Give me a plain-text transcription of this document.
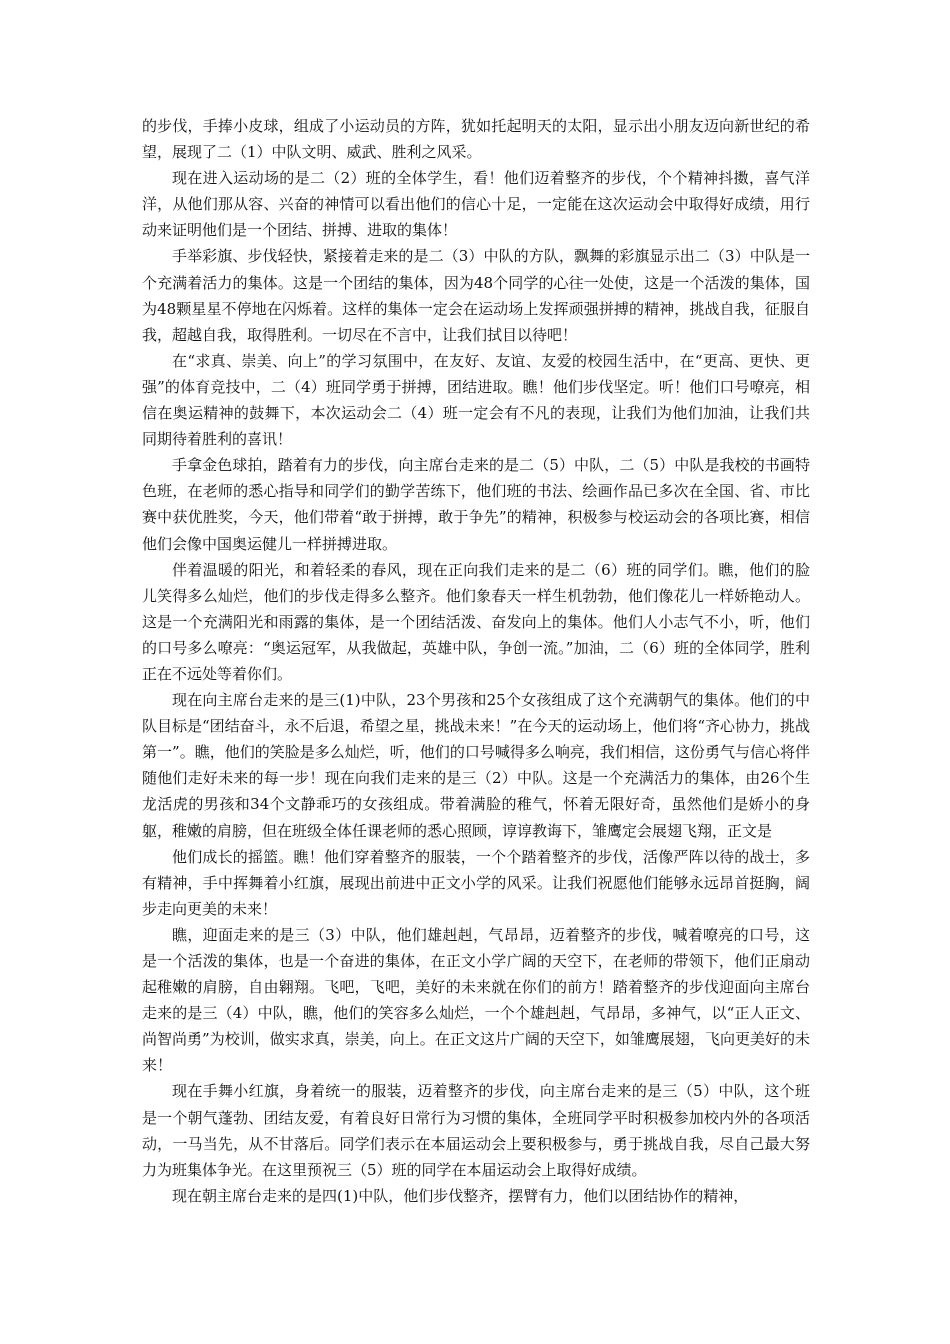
的步伐，手捧小皮球，组成了小运动员的方阵，犹如托起明天的太阳，显示出小朋友迈向新世纪的希望，展现了二（1）中队文明、威武、胜利之风采。

现在进入运动场的是二（2）班的全体学生，看！他们迈着整齐的步伐，个个精神抖擞，喜气洋洋，从他们那从容、兴奋的神情可以看出他们的信心十足，一定能在这次运动会中取得好成绩，用行动来证明他们是一个团结、拼搏、进取的集体！

手举彩旗、步伐轻快，紧接着走来的是二（3）中队的方队，飘舞的彩旗显示出二（3）中队是一个充满着活力的集体。这是一个团结的集体，因为48个同学的心往一处使，这是一个活泼的集体，国为48颗星星不停地在闪烁着。这样的集体一定会在运动场上发挥顽强拼搏的精神，挑战自我，征服自我，超越自我，取得胜利。一切尽在不言中，让我们拭目以待吧！

在“求真、崇美、向上”的学习氛围中，在友好、友谊、友爱的校园生活中，在“更高、更快、更强”的体育竞技中，二（4）班同学勇于拼搏，团结进取。瞧！他们步伐坚定。听！他们口号嘹亮，相信在奥运精神的鼓舞下，本次运动会二（4）班一定会有不凡的表现，让我们为他们加油，让我们共同期待着胜利的喜讯！

手拿金色球拍，踏着有力的步伐，向主席台走来的是二（5）中队，二（5）中队是我校的书画特色班，在老师的悉心指导和同学们的勤学苦练下，他们班的书法、绘画作品已多次在全国、省、市比赛中获优胜奖，今天，他们带着“敢于拼搏，敢于争先”的精神，积极参与校运动会的各项比赛，相信他们会像中国奥运健儿一样拼搏进取。

伴着温暖的阳光，和着轻柔的春风，现在正向我们走来的是二（6）班的同学们。瞧，他们的脸儿笑得多么灿烂，他们的步伐走得多么整齐。他们象春天一样生机勃勃，他们像花儿一样娇艳动人。这是一个充满阳光和雨露的集体，是一个团结活泼、奋发向上的集体。他们人小志气不小，听，他们的口号多么嘹亮：“奥运冠军，从我做起，英雄中队，争创一流。”加油，二（6）班的全体同学，胜利正在不远处等着你们。

现在向主席台走来的是三(1)中队，23个男孩和25个女孩组成了这个充满朝气的集体。他们的中队目标是“团结奋斗，永不后退，希望之星，挑战未来！”在今天的运动场上，他们将“齐心协力，挑战第一”。瞧，他们的笑脸是多么灿烂，听，他们的口号喊得多么响亮，我们相信，这份勇气与信心将伴随他们走好未来的每一步！现在向我们走来的是三（2）中队。这是一个充满活力的集体，由26个生龙活虎的男孩和34个文静乖巧的女孩组成。带着满脸的稚气，怀着无限好奇，虽然他们是娇小的身躯，稚嫩的肩膀，但在班级全体任课老师的悉心照顾，谆谆教诲下，雏鹰定会展翅飞翔，正文是

他们成长的摇篮。瞧！他们穿着整齐的服装，一个个踏着整齐的步伐，活像严阵以待的战士，多有精神，手中挥舞着小红旗，展现出前进中正文小学的风采。让我们祝愿他们能够永远昂首挺胸，阔步走向更美的未来！

瞧，迎面走来的是三（3）中队，他们雄赳赳，气昂昂，迈着整齐的步伐，喊着嘹亮的口号，这是一个活泼的集体，也是一个奋进的集体，在正文小学广阔的天空下，在老师的带领下，他们正扇动起稚嫩的肩膀，自由翱翔。飞吧，飞吧，美好的未来就在你们的前方！踏着整齐的步伐迎面向主席台走来的是三（4）中队，瞧，他们的笑容多么灿烂，一个个雄赳赳，气昂昂，多神气，以“正人正文、尚智尚勇”为校训，做实求真，崇美，向上。在正文这片广阔的天空下，如雏鹰展翅，飞向更美好的未来！

现在手舞小红旗，身着统一的服装，迈着整齐的步伐，向主席台走来的是三（5）中队，这个班是一个朝气蓬勃、团结友爱，有着良好日常行为习惯的集体，全班同学平时积极参加校内外的各项活动，一马当先，从不甘落后。同学们表示在本届运动会上要积极参与，勇于挑战自我，尽自己最大努力为班集体争光。在这里预祝三（5）班的同学在本届运动会上取得好成绩。

现在朝主席台走来的是四(1)中队，他们步伐整齐，摆臂有力，他们以团结协作的精神，
